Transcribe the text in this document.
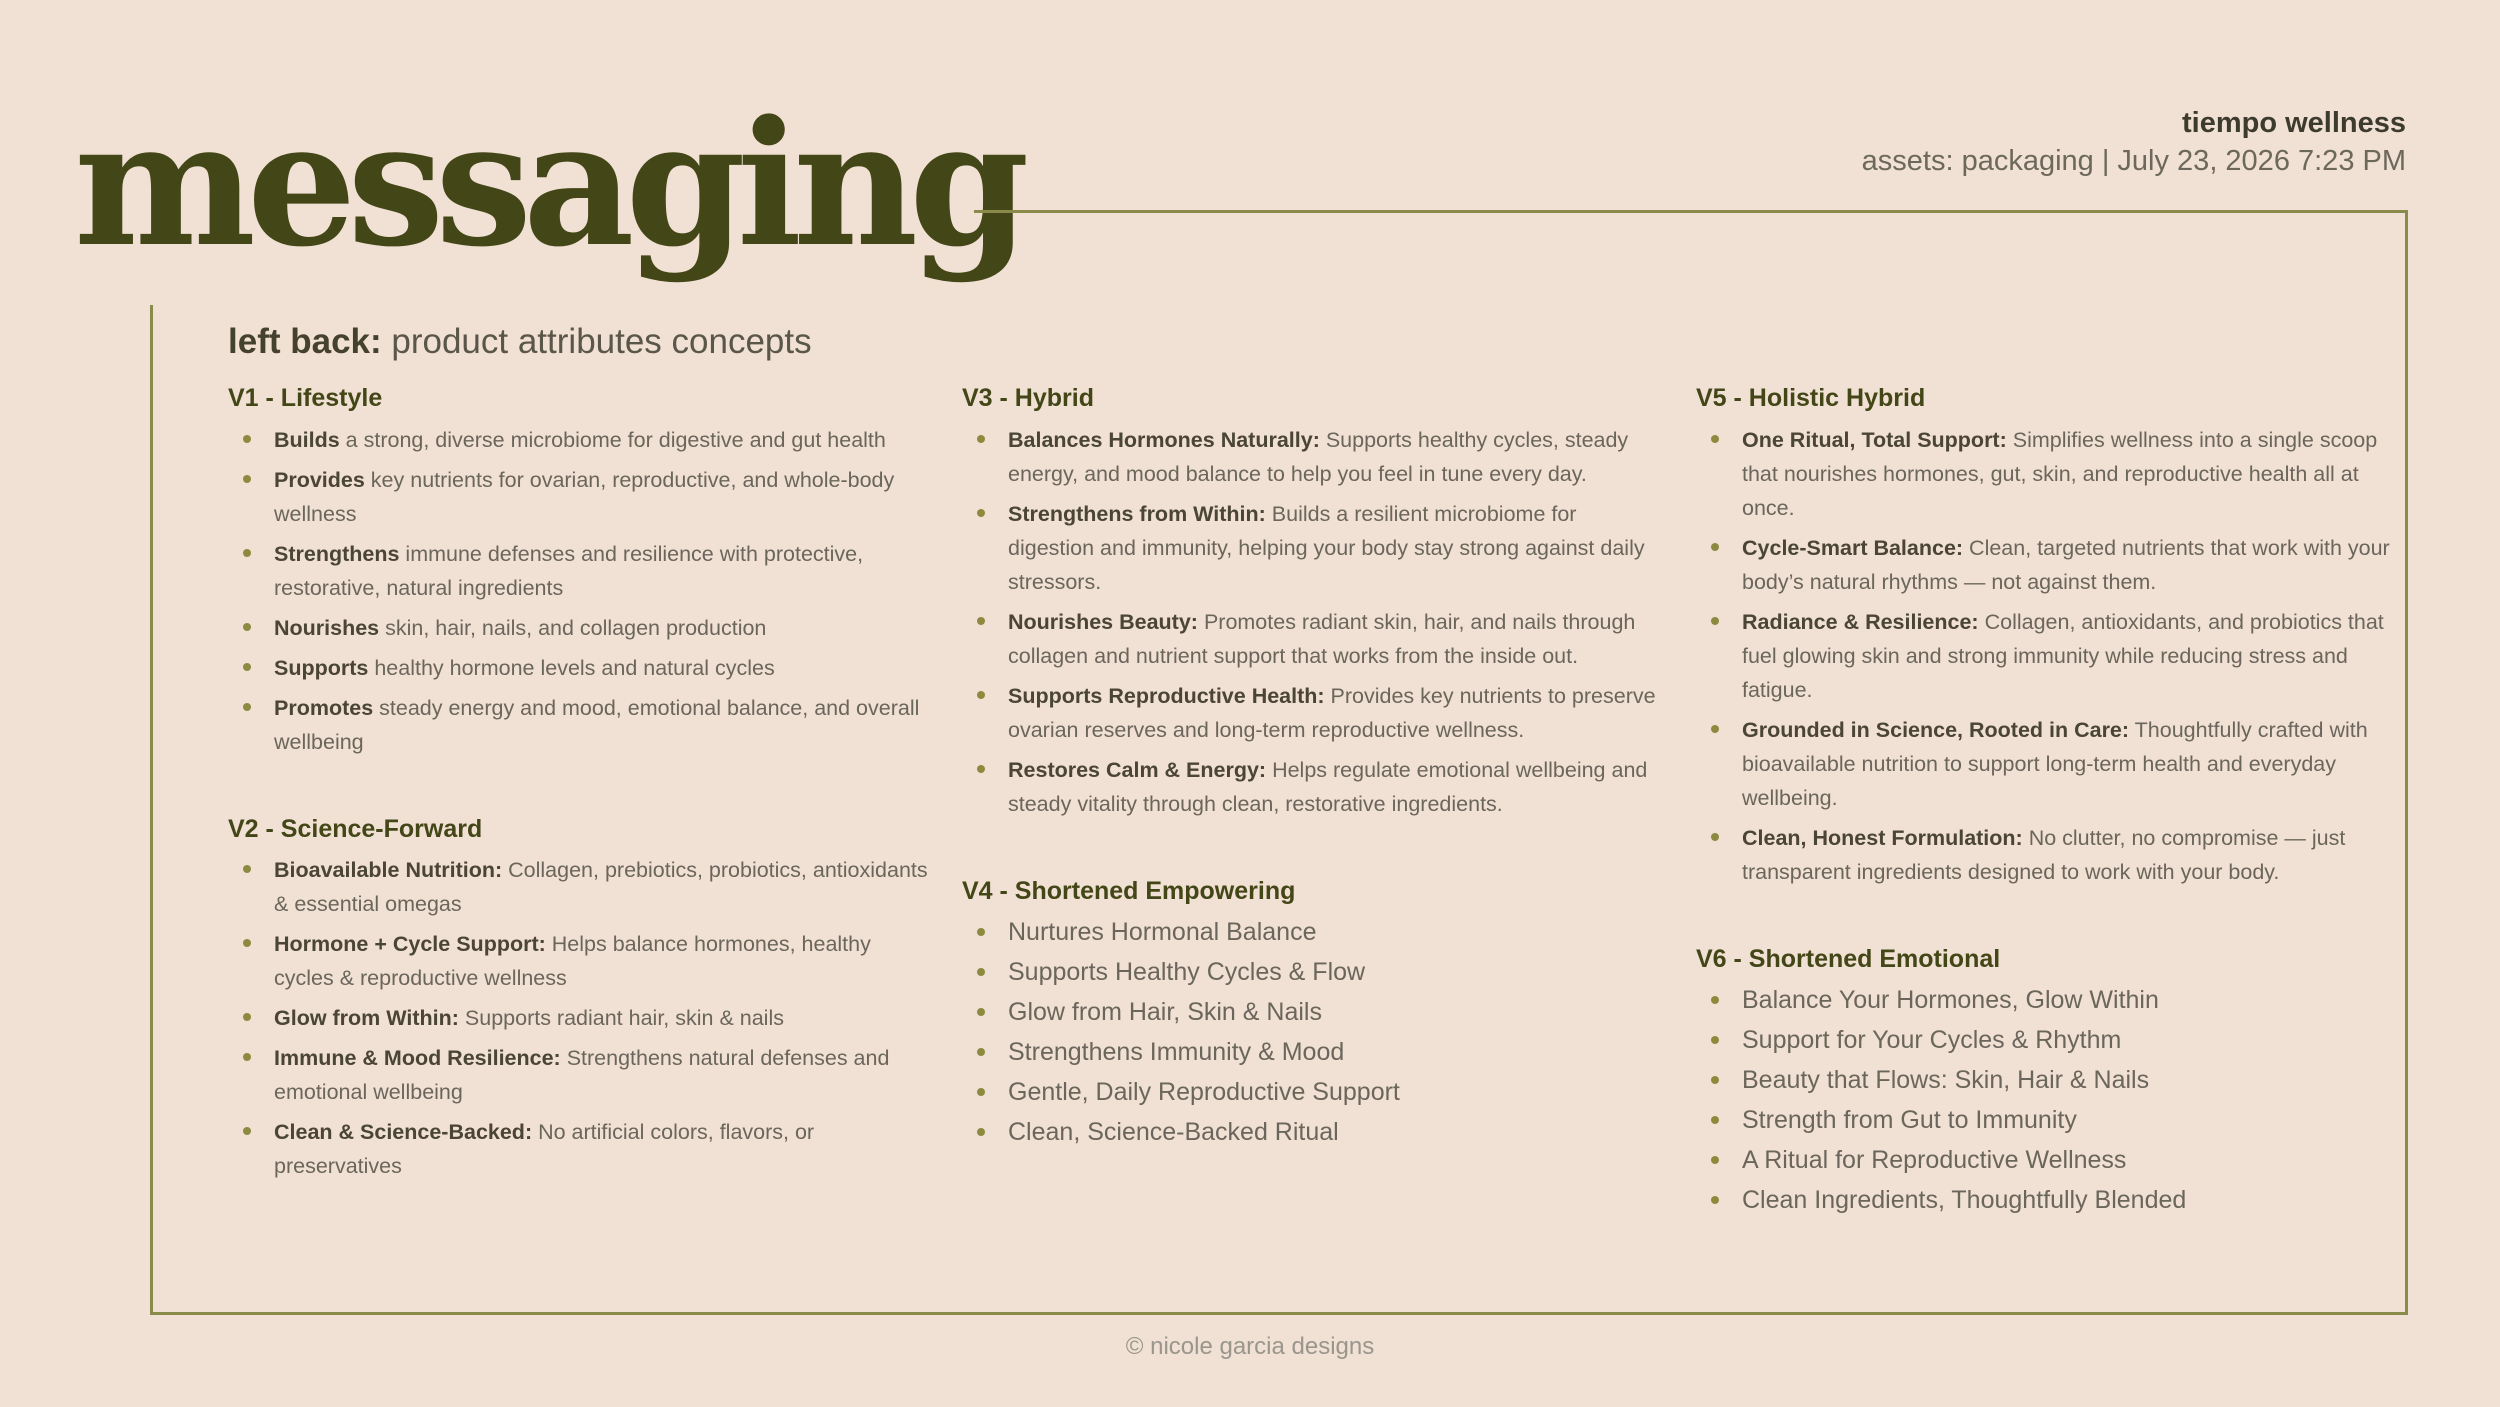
messaging	tiempo wellness
assets: packaging | July 23, 2026 7:23 PM
left back: product attributes concepts
V1 - Lifestyle
Builds a strong, diverse microbiome for digestive and gut health
Provides key nutrients for ovarian, reproductive, and whole-body wellness
Strengthens immune defenses and resilience with protective, restorative, natural ingredients
Nourishes skin, hair, nails, and collagen production
Supports healthy hormone levels and natural cycles
Promotes steady energy and mood, emotional balance, and overall wellbeing
V2 - Science-Forward
Bioavailable Nutrition: Collagen, prebiotics, probiotics, antioxidants & essential omegas
Hormone + Cycle Support: Helps balance hormones, healthy cycles & reproductive wellness
Glow from Within: Supports radiant hair, skin & nails
Immune & Mood Resilience: Strengthens natural defenses and emotional wellbeing
Clean & Science-Backed: No artificial colors, flavors, or preservatives
V3 - Hybrid
Balances Hormones Naturally: Supports healthy cycles, steady energy, and mood balance to help you feel in tune every day.
Strengthens from Within: Builds a resilient microbiome for digestion and immunity, helping your body stay strong against daily stressors.
Nourishes Beauty: Promotes radiant skin, hair, and nails through collagen and nutrient support that works from the inside out.
Supports Reproductive Health: Provides key nutrients to preserve ovarian reserves and long-term reproductive wellness.
Restores Calm & Energy: Helps regulate emotional wellbeing and steady vitality through clean, restorative ingredients.
V4 - Shortened Empowering
Nurtures Hormonal Balance
Supports Healthy Cycles & Flow
Glow from Hair, Skin & Nails
Strengthens Immunity & Mood
Gentle, Daily Reproductive Support
Clean, Science-Backed Ritual
V5 - Holistic Hybrid
One Ritual, Total Support: Simplifies wellness into a single scoop that nourishes hormones, gut, skin, and reproductive health all at once.
Cycle-Smart Balance: Clean, targeted nutrients that work with your body’s natural rhythms — not against them.
Radiance & Resilience: Collagen, antioxidants, and probiotics that fuel glowing skin and strong immunity while reducing stress and fatigue.
Grounded in Science, Rooted in Care: Thoughtfully crafted with bioavailable nutrition to support long-term health and everyday wellbeing.
Clean, Honest Formulation: No clutter, no compromise — just transparent ingredients designed to work with your body.
V6 - Shortened Emotional
Balance Your Hormones, Glow Within
Support for Your Cycles & Rhythm
Beauty that Flows: Skin, Hair & Nails
Strength from Gut to Immunity
A Ritual for Reproductive Wellness
Clean Ingredients, Thoughtfully Blended
© nicole garcia designs
